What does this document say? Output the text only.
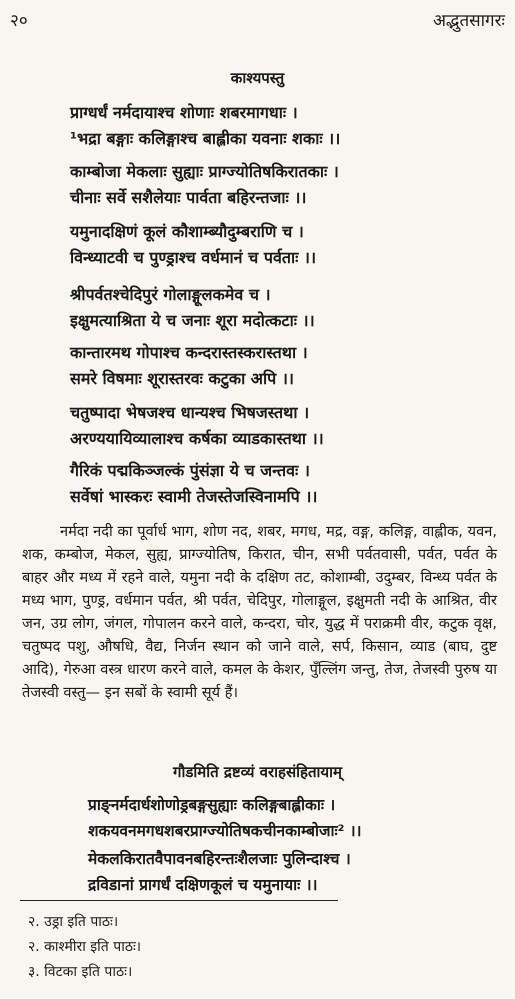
२०	अद्भुतसागरः
काश्यपस्तु
प्राग्धर्धं नर्मदायाश्च शोणाः शबरमागधाः ।
¹भद्रा बङ्गाः कलिङ्गाश्च बाह्लीका यवनाः शकाः ।।
काम्बोजा मेकलाः सुह्याः प्राग्ज्योतिषकिरातकाः ।
चीनाः सर्वे सशैलेयाः पार्वता बहिरन्तजाः ।।
यमुनादक्षिणं कूलं कौशाम्ब्यौदुम्बराणि च ।
विन्ध्याटवी च पुण्ड्राश्च वर्धमानं च पर्वताः ।।
श्रीपर्वतश्चेदिपुरं गोलाङ्गूलकमेव च ।
इक्षुमत्याश्रिता ये च जनाः शूरा मदोत्कटाः ।।
कान्तारमथ गोपाश्च कन्दरास्तस्करास्तथा ।
समरे विषमाः शूरास्तरवः कटुका अपि ।।
चतुष्पादा भेषजश्च धान्यश्च भिषजस्तथा ।
अरण्ययायिव्यालाश्च कर्षका व्याडकास्तथा ।।
गैरिकं पद्मकिञ्जल्कं पुंसंज्ञा ये च जन्तवः ।
सर्वेषां भास्करः स्वामी तेजस्तेजस्विनामपि ।।
नर्मदा नदी का पूर्वार्ध भाग, शोण नद, शबर, मगध, मद्र, वङ्ग, कलिङ्ग, वाह्लीक, यवन, शक, कम्बोज, मेकल, सुह्य, प्राग्ज्योतिष, किरात, चीन, सभी पर्वतवासी, पर्वत, पर्वत के बाहर और मध्य में रहने वाले, यमुना नदी के दक्षिण तट, कोशाम्बी, उदुम्बर, विन्ध्य पर्वत के मध्य भाग, पुण्ड्र, वर्धमान पर्वत, श्री पर्वत, चेदिपुर, गोलाङ्गूल, इक्षुमती नदी के आश्रित, वीर जन, उग्र लोग, जंगल, गोपालन करने वाले, कन्दरा, चोर, युद्ध में पराक्रमी वीर, कटुक वृक्ष, चतुष्पद पशु, औषधि, वैद्य, निर्जन स्थान को जाने वाले, सर्प, किसान, व्याड (बाघ, दुष्ट आदि), गेरुआ वस्त्र धारण करने वाले, कमल के केशर, पुँल्लिंग जन्तु, तेज, तेजस्वी पुरुष या तेजस्वी वस्तु— इन सबों के स्वामी सूर्य हैं।
गौडमिति द्रष्टव्यं वराहसंहितायाम्
प्राङ्नर्मदार्धशोणोड्रबङ्गसुह्याः कलिङ्गबाह्लीकाः ।
शकयवनमगधशबरप्राग्ज्योतिषकचीनकाम्बोजाः² ।।
मेकलकिरातवैपावनबहिरन्तःशैलजाः पुलिन्दाश्च ।
द्रविडानां प्रागर्धं दक्षिणकूलं च यमुनायाः ।।
२. उड्रा इति पाठः।
२. काश्मीरा इति पाठः।
३. विटका इति पाठः।
